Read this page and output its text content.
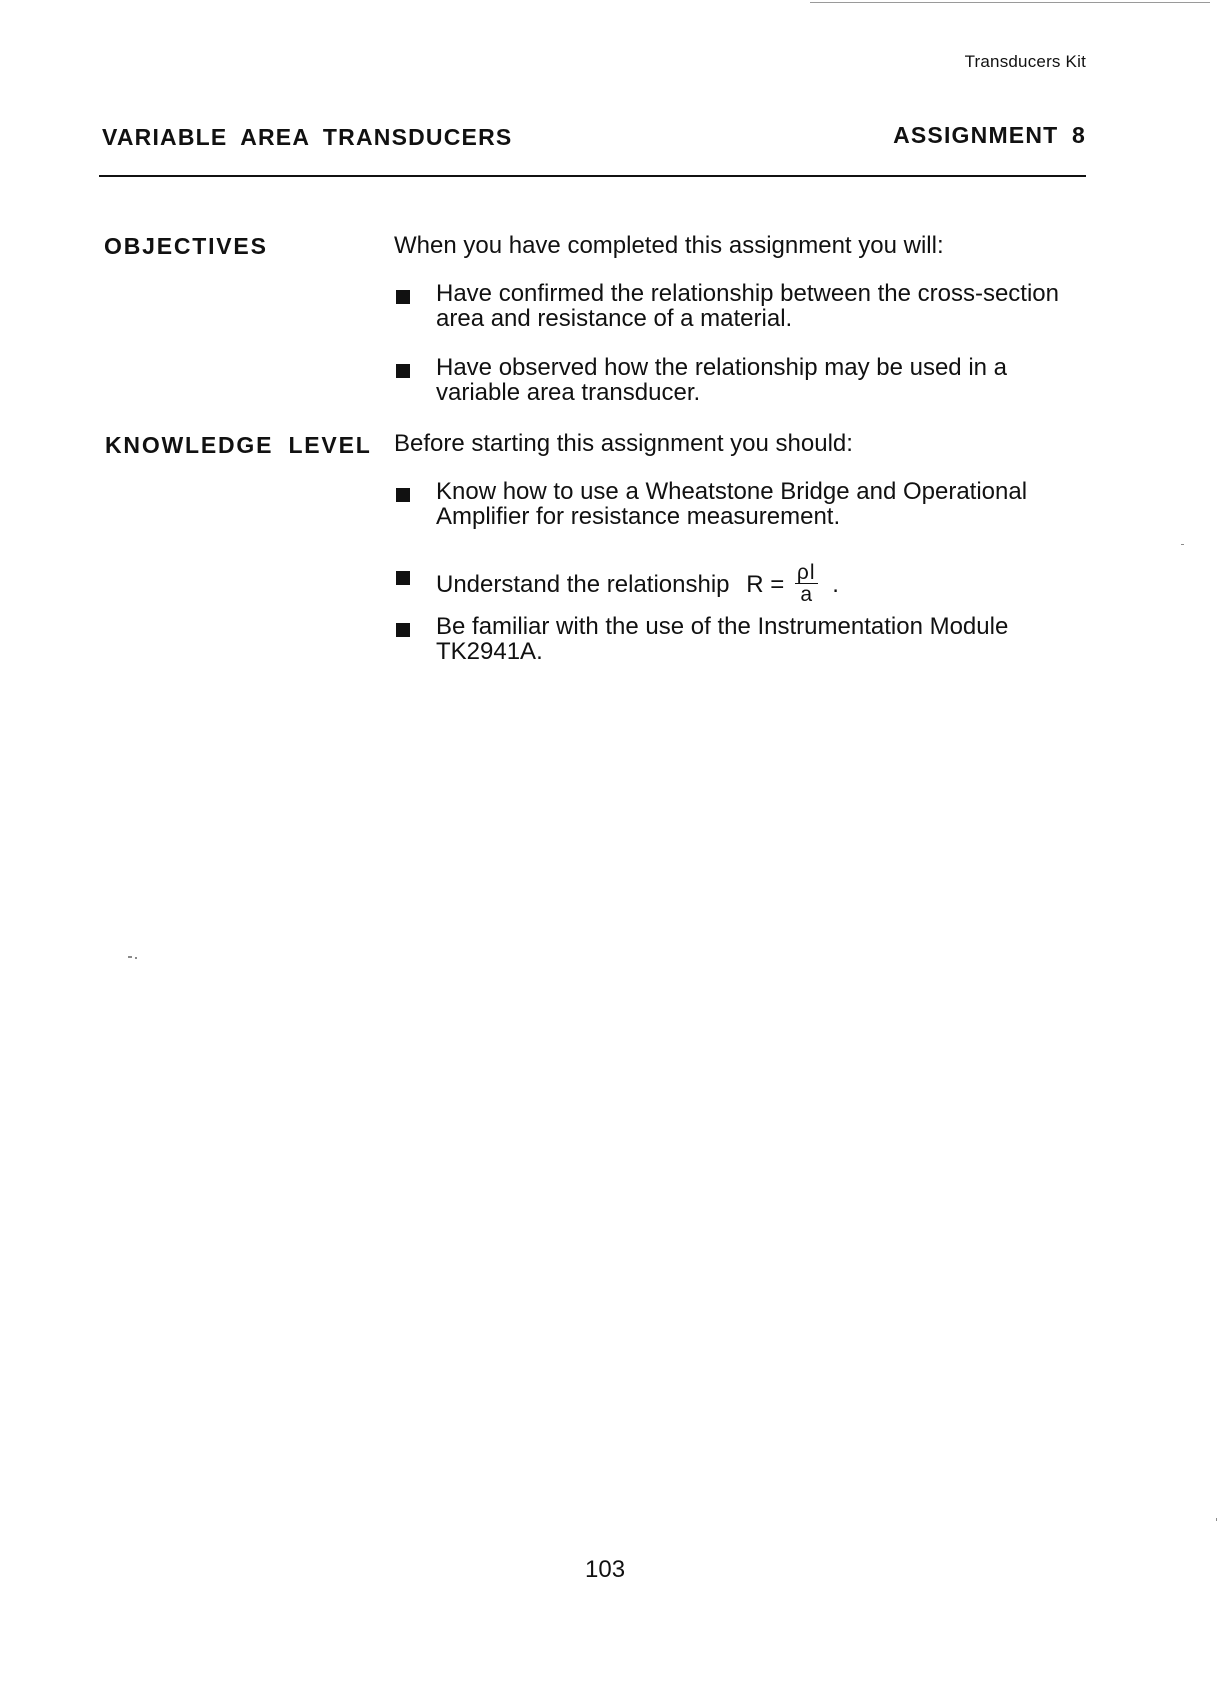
Transducers Kit
VARIABLE AREA TRANSDUCERS	ASSIGNMENT 8
OBJECTIVES	When you have completed this assignment you will:
Have confirmed the relationship between the cross-section
area and resistance of a material.
Have observed how the relationship may be used in a
variable area transducer.
KNOWLEDGE LEVEL Before starting this assignment you should:
Know how to use a Wheatstone Bridge and Operational
Amplifier for resistance measurement.
Understand the relationship $R = \frac{\rho l}{a}$ .
Be familiar with the use of the Instrumentation Module
TK2941A.
103
